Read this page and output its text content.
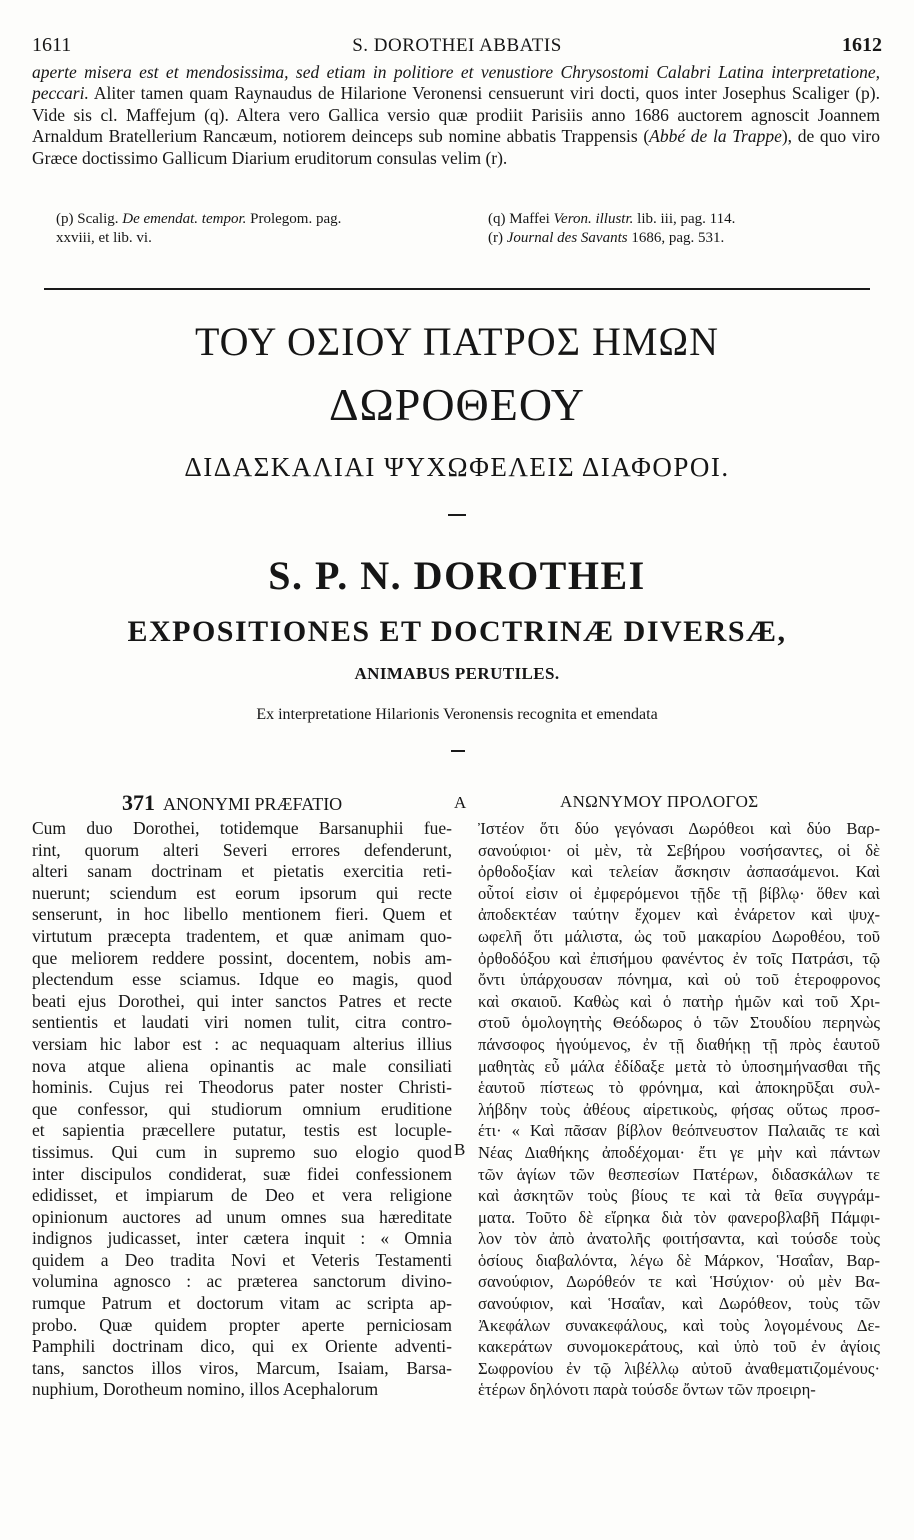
1611	S. DOROTHEI ABBATIS	1612
aperte misera est et mendosissima, sed etiam in politiore et venustiore Chrysostomi Calabri Latina interpretatione, peccari. Aliter tamen quam Raynaudus de Hilarione Veronensi censuerunt viri docti, quos inter Josephus Scaliger (p). Vide sis cl. Maffejum (q). Altera vero Gallica versio quæ prodiit Parisiis anno 1686 auctorem agnoscit Joannem Arnaldum Bratellerium Rancæum, notiorem deinceps sub nomine abbatis Trappensis (Abbé de la Trappe), de quo viro Græce doctissimo Gallicum Diarium eruditorum consulas velim (r).
(p) Scalig. De emendat. tempor. Prolegom. pag.
xxviii, et lib. vi.
(q) Maffei Veron. illustr. lib. iii, pag. 114.
(r) Journal des Savants 1686, pag. 531.
ΤΟΥ ΟΣΙΟΥ ΠΑΤΡΟΣ ΗΜΩΝ
ΔΩΡΟΘΕΟΥ
ΔΙΔΑΣΚΑΛΙΑΙ ΨΥΧΩΦΕΛΕΙΣ ΔΙΑΦΟΡΟΙ.
S. P. N. DOROTHEI
EXPOSITIONES ET DOCTRINÆ DIVERSÆ,
ANIMABUS PERUTILES.
Ex interpretatione Hilarionis Veronensis recognita et emendata
371 ANONYMI PRÆFATIO	A
B
ΑΝΩΝΥΜΟΥ ΠΡΟΛΟΓΟΣ
Cum duo Dorothei, totidemque Barsanuphii fue-
rint, quorum alteri Severi errores defenderunt,
alteri sanam doctrinam et pietatis exercitia reti-
nuerunt; sciendum est eorum ipsorum qui recte
senserunt, in hoc libello mentionem fieri. Quem et
virtutum præcepta tradentem, et quæ animam quo-
que meliorem reddere possint, docentem, nobis am-
plectendum esse sciamus. Idque eo magis, quod
beati ejus Dorothei, qui inter sanctos Patres et recte
sentientis et laudati viri nomen tulit, citra contro-
versiam hic labor est : ac nequaquam alterius illius
nova atque aliena opinantis ac male consiliati
hominis. Cujus rei Theodorus pater noster Christi-
que confessor, qui studiorum omnium eruditione
et sapientia præcellere putatur, testis est locuple-
tissimus. Qui cum in supremo suo elogio quod
inter discipulos condiderat, suæ fidei confessionem
edidisset, et impiarum de Deo et vera religione
opinionum auctores ad unum omnes sua hæreditate
indignos judicasset, inter cætera inquit : « Omnia
quidem a Deo tradita Novi et Veteris Testamenti
volumina agnosco : ac præterea sanctorum divino-
rumque Patrum et doctorum vitam ac scripta ap-
probo. Quæ quidem propter aperte perniciosam
Pamphili doctrinam dico, qui ex Oriente adventi-
tans, sanctos illos viros, Marcum, Isaiam, Barsa-
nuphium, Dorotheum nomino, illos Acephalorum
Ἰστέον ὅτι δύο γεγόνασι Δωρόθεοι καὶ δύο Βαρ-
σανούφιοι· οἱ μὲν, τὰ Σεβήρου νοσήσαντες, οἱ δὲ
ὀρθοδοξίαν καὶ τελείαν ἄσκησιν ἀσπασάμενοι. Καὶ
οὗτοί εἰσιν οἱ ἐμφερόμενοι τῇδε τῇ βίβλῳ· ὅθεν καὶ
ἀποδεκτέαν ταύτην ἔχομεν καὶ ἐνάρετον καὶ ψυχ-
ωφελῆ ὅτι μάλιστα, ὡς τοῦ μακαρίου Δωροθέου, τοῦ
ὀρθοδόξου καὶ ἐπισήμου φανέντος ἐν τοῖς Πατράσι, τῷ
ὄντι ὑπάρχουσαν πόνημα, καὶ οὐ τοῦ ἑτεροφρονος
καὶ σκαιοῦ. Καθὼς καὶ ὁ πατὴρ ἡμῶν καὶ τοῦ Χρι-
στοῦ ὁμολογητὴς Θεόδωρος ὁ τῶν Στουδίου περηνὼς
πάνσοφος ἡγούμενος, ἐν τῇ διαθήκῃ τῇ πρὸς ἑαυτοῦ
μαθητὰς εὖ μάλα ἐδίδαξε μετὰ τὸ ὑποσημήνασθαι τῆς
ἑαυτοῦ πίστεως τὸ φρόνημα, καὶ ἀποκηρῦξαι συλ-
λήβδην τοὺς ἀθέους αἱρετικοὺς, φήσας οὕτως προσ-
έτι· « Καὶ πᾶσαν βίβλον θεόπνευστον Παλαιᾶς τε καὶ
Νέας Διαθήκης ἀποδέχομαι· ἔτι γε μὴν καὶ πάντων
τῶν ἁγίων τῶν θεσπεσίων Πατέρων, διδασκάλων τε
καὶ ἀσκητῶν τοὺς βίους τε καὶ τὰ θεῖα συγγράμ-
ματα. Τοῦτο δὲ εἴρηκα διὰ τὸν φανεροβλαβῆ Πάμφι-
λον τὸν ἀπὸ ἀνατολῆς φοιτήσαντα, καὶ τούσδε τοὺς
ὁσίους διαβαλόντα, λέγω δὲ Μάρκον, Ἡσαΐαν, Βαρ-
σανούφιον, Δωρόθεόν τε καὶ Ἡσύχιον· οὐ μὲν Βα-
σανούφιον, καὶ Ἡσαΐαν, καὶ Δωρόθεον, τοὺς τῶν
Ἀκεφάλων συνακεφάλους, καὶ τοὺς λογομένους Δε-
κακεράτων συνομοκεράτους, καὶ ὑπὸ τοῦ ἐν ἁγίοις
Σωφρονίου ἐν τῷ λιβέλλῳ αὐτοῦ ἀναθεματιζομένους·
ἑτέρων δηλόνοτι παρὰ τούσδε ὄντων τῶν προειρη-
